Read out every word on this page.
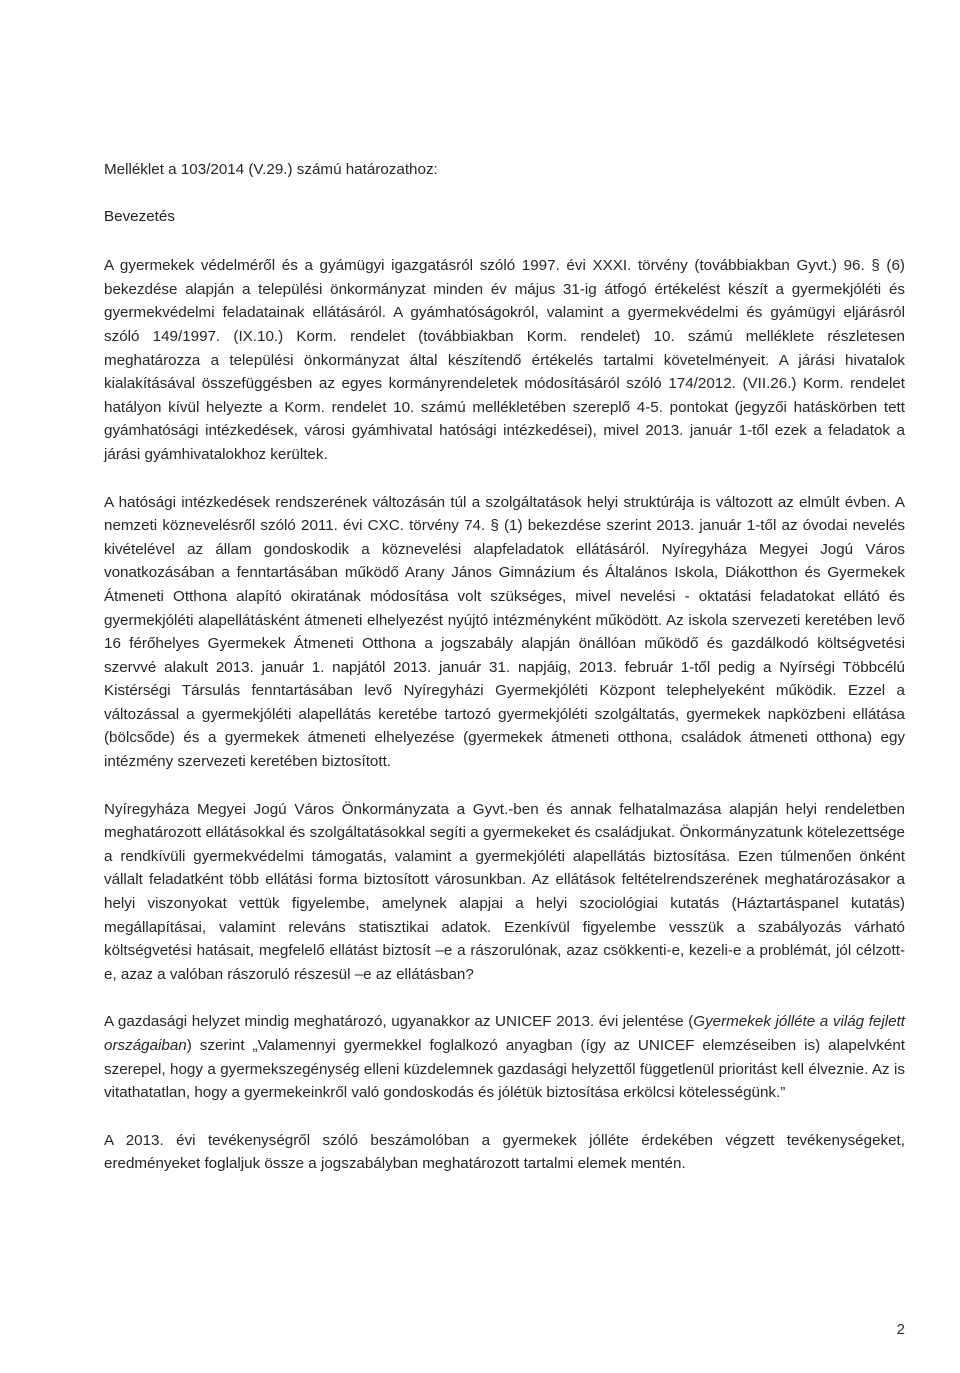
Melléklet a 103/2014 (V.29.) számú határozathoz:

Bevezetés

A gyermekek védelméről és a gyámügyi igazgatásról szóló 1997. évi XXXI. törvény (továbbiakban Gyvt.) 96. § (6) bekezdése alapján a települési önkormányzat minden év május 31-ig átfogó értékelést készít a gyermekjóléti és gyermekvédelmi feladatainak ellátásáról. A gyámhatóságokról, valamint a gyermekvédelmi és gyámügyi eljárásról szóló 149/1997. (IX.10.) Korm. rendelet (továbbiakban Korm. rendelet) 10. számú melléklete részletesen meghatározza a települési önkormányzat által készítendő értékelés tartalmi követelményeit. A járási hivatalok kialakításával összefüggésben az egyes kormányrendeletek módosításáról szóló 174/2012. (VII.26.) Korm. rendelet hatályon kívül helyezte a Korm. rendelet 10. számú mellékletében szereplő 4-5. pontokat (jegyzői hatáskörben tett gyámhatósági intézkedések, városi gyámhivatal hatósági intézkedései), mivel 2013. január 1-től ezek a feladatok a járási gyámhivatalokhoz kerültek.

A hatósági intézkedések rendszerének változásán túl a szolgáltatások helyi struktúrája is változott az elmúlt évben. A nemzeti köznevelésről szóló 2011. évi CXC. törvény 74. § (1) bekezdése szerint 2013. január 1-től az óvodai nevelés kivételével az állam gondoskodik a köznevelési alapfeladatok ellátásáról. Nyíregyháza Megyei Jogú Város vonatkozásában a fenntartásában működő Arany János Gimnázium és Általános Iskola, Diákotthon és Gyermekek Átmeneti Otthona alapító okiratának módosítása volt szükséges, mivel nevelési - oktatási feladatokat ellátó és gyermekjóléti alapellátásként átmeneti elhelyezést nyújtó intézményként működött. Az iskola szervezeti keretében levő 16 férőhelyes Gyermekek Átmeneti Otthona a jogszabály alapján önállóan működő és gazdálkodó költségvetési szervvé alakult 2013. január 1. napjától 2013. január 31. napjáig, 2013. február 1-től pedig a Nyírségi Többcélú Kistérségi Társulás fenntartásában levő Nyíregyházi Gyermekjóléti Központ telephelyeként működik. Ezzel a változással a gyermekjóléti alapellátás keretébe tartozó gyermekjóléti szolgáltatás, gyermekek napközbeni ellátása (bölcsőde) és a gyermekek átmeneti elhelyezése (gyermekek átmeneti otthona, családok átmeneti otthona) egy intézmény szervezeti keretében biztosított.

Nyíregyháza Megyei Jogú Város Önkormányzata a Gyvt.-ben és annak felhatalmazása alapján helyi rendeletben meghatározott ellátásokkal és szolgáltatásokkal segíti a gyermekeket és családjukat. Önkormányzatunk kötelezettsége a rendkívüli gyermekvédelmi támogatás, valamint a gyermekjóléti alapellátás biztosítása. Ezen túlmenően önként vállalt feladatként több ellátási forma biztosított városunkban. Az ellátások feltételrendszerének meghatározásakor a helyi viszonyokat vettük figyelembe, amelynek alapjai a helyi szociológiai kutatás (Háztartáspanel kutatás) megállapításai, valamint releváns statisztikai adatok. Ezenkívül figyelembe vesszük a szabályozás várható költségvetési hatásait, megfelelő ellátást biztosít –e a rászorulónak, azaz csökkenti-e, kezeli-e a problémát, jól célzott-e, azaz a valóban rászoruló részesül –e az ellátásban?

A gazdasági helyzet mindig meghatározó, ugyanakkor az UNICEF 2013. évi jelentése (Gyermekek jólléte a világ fejlett országaiban) szerint „Valamennyi gyermekkel foglalkozó anyagban (így az UNICEF elemzéseiben is) alapelvként szerepel, hogy a gyermekszegénység elleni küzdelemnek gazdasági helyzettől függetlenül prioritást kell élveznie. Az is vitathatatlan, hogy a gyermekeinkről való gondoskodás és jólétük biztosítása erkölcsi kötelességünk.”

A 2013. évi tevékenységről szóló beszámolóban a gyermekek jólléte érdekében végzett tevékenységeket, eredményeket foglaljuk össze a jogszabályban meghatározott tartalmi elemek mentén.

2
